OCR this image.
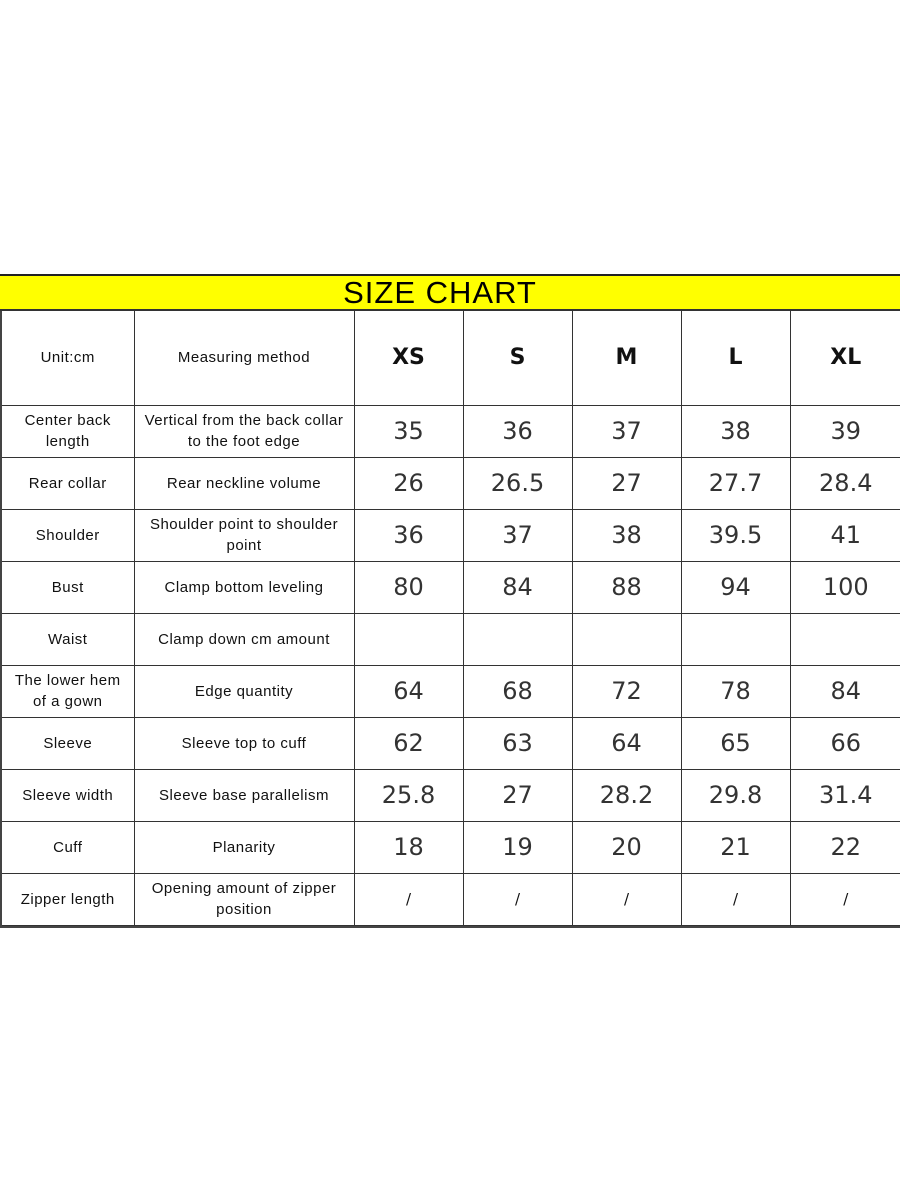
SIZE CHART
Unit:cm	Measuring method	XS	S	M	L	XL
Center back length	Vertical from the back collar to the foot edge	35	36	37	38	39
Rear collar	Rear neckline volume	26	26.5	27	27.7	28.4
Shoulder	Shoulder point to shoulder point	36	37	38	39.5	41
Bust	Clamp bottom leveling	80	84	88	94	100
Waist	Clamp down cm amount					
The lower hem of a gown	Edge quantity	64	68	72	78	84
Sleeve	Sleeve top to cuff	62	63	64	65	66
Sleeve width	Sleeve base parallelism	25.8	27	28.2	29.8	31.4
Cuff	Planarity	18	19	20	21	22
Zipper length	Opening amount of zipper position	/	/	/	/	/
